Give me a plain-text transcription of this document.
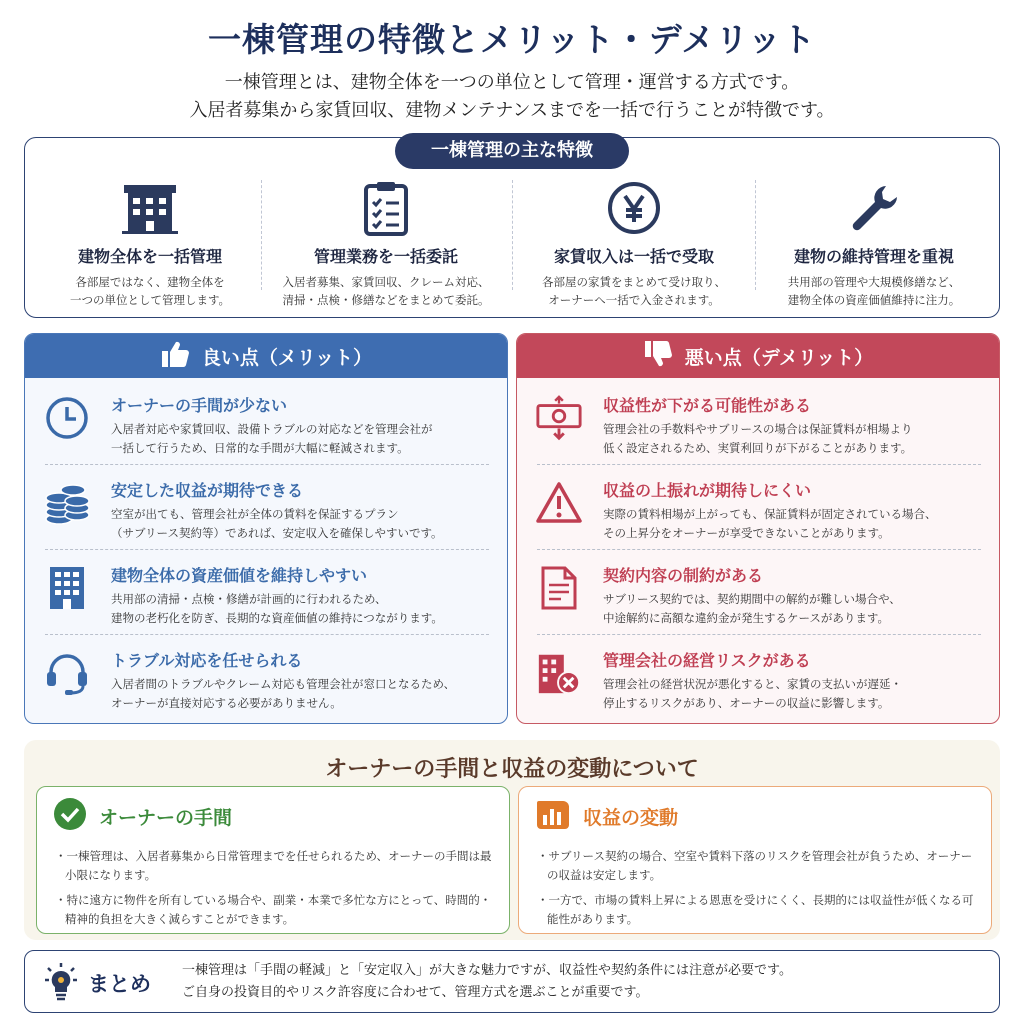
一棟管理の特徴とメリット・デメリット
一棟管理とは、建物全体を一つの単位として管理・運営する方式です。
入居者募集から家賃回収、建物メンテナンスまでを一括で行うことが特徴です。
一棟管理の主な特徴
建物全体を一括管理
各部屋ではなく、建物全体を
一つの単位として管理します。
管理業務を一括委託
入居者募集、家賃回収、クレーム対応、
清掃・点検・修繕などをまとめて委託。
家賃収入は一括で受取
各部屋の家賃をまとめて受け取り、
オーナーへ一括で入金されます。
建物の維持管理を重視
共用部の管理や大規模修繕など、
建物全体の資産価値維持に注力。
良い点（メリット）
オーナーの手間が少ない
入居者対応や家賃回収、設備トラブルの対応などを管理会社が
一括して行うため、日常的な手間が大幅に軽減されます。
安定した収益が期待できる
空室が出ても、管理会社が全体の賃料を保証するプラン
（サブリース契約等）であれば、安定収入を確保しやすいです。
建物全体の資産価値を維持しやすい
共用部の清掃・点検・修繕が計画的に行われるため、
建物の老朽化を防ぎ、長期的な資産価値の維持につながります。
トラブル対応を任せられる
入居者間のトラブルやクレーム対応も管理会社が窓口となるため、
オーナーが直接対応する必要がありません。
悪い点（デメリット）
収益性が下がる可能性がある
管理会社の手数料やサブリースの場合は保証賃料が相場より
低く設定されるため、実質利回りが下がることがあります。
収益の上振れが期待しにくい
実際の賃料相場が上がっても、保証賃料が固定されている場合、
その上昇分をオーナーが享受できないことがあります。
契約内容の制約がある
サブリース契約では、契約期間中の解約が難しい場合や、
中途解約に高額な違約金が発生するケースがあります。
管理会社の経営リスクがある
管理会社の経営状況が悪化すると、家賃の支払いが遅延・
停止するリスクがあり、オーナーの収益に影響します。
オーナーの手間と収益の変動について
オーナーの手間
・一棟管理は、入居者募集から日常管理までを任せられるため、オーナーの手間は最小限になります。
・特に遠方に物件を所有している場合や、副業・本業で多忙な方にとって、時間的・精神的負担を大きく減らすことができます。
収益の変動
・サブリース契約の場合、空室や賃料下落のリスクを管理会社が負うため、オーナーの収益は安定します。
・一方で、市場の賃料上昇による恩恵を受けにくく、長期的には収益性が低くなる可能性があります。
まとめ
一棟管理は「手間の軽減」と「安定収入」が大きな魅力ですが、収益性や契約条件には注意が必要です。
ご自身の投資目的やリスク許容度に合わせて、管理方式を選ぶことが重要です。
